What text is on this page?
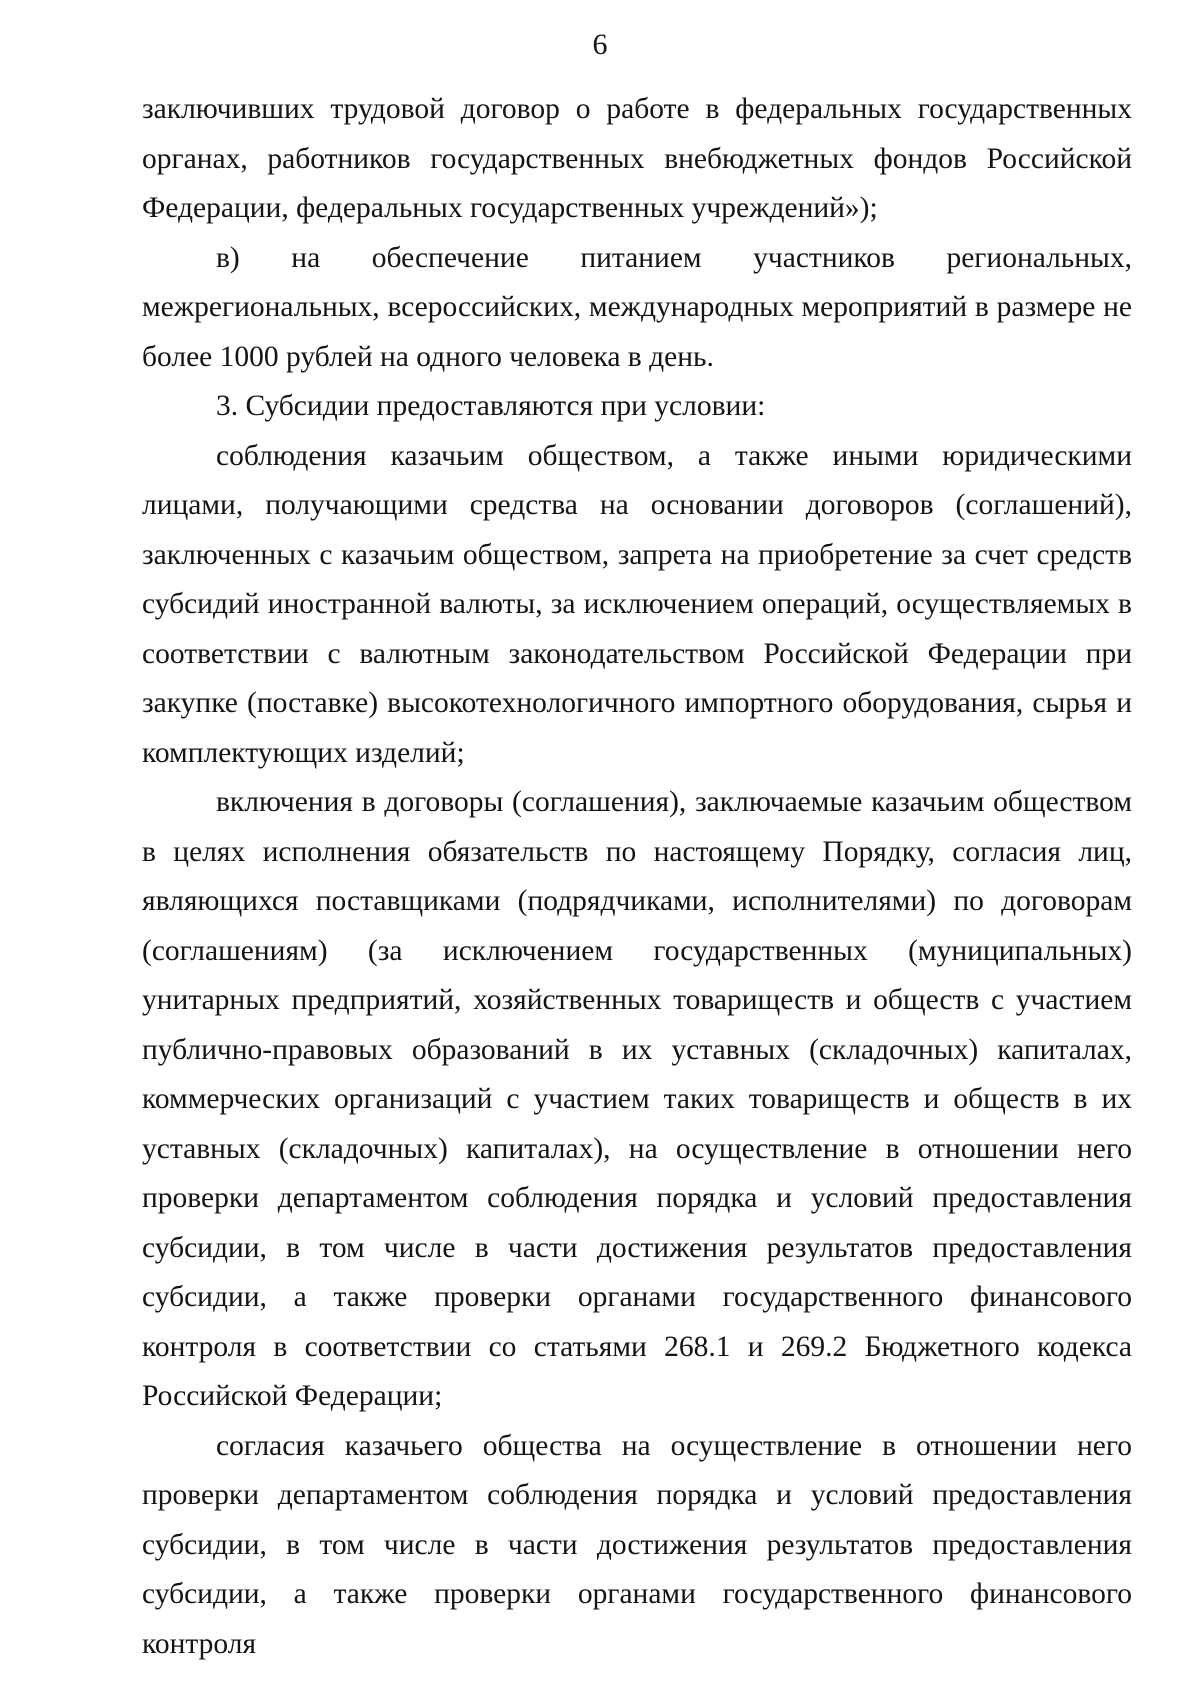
6

заключивших трудовой договор о работе в федеральных государственных органах, работников государственных внебюджетных фондов Российской Федерации, федеральных государственных учреждений»);

в) на обеспечение питанием участников региональных, межрегиональных, всероссийских, международных мероприятий в размере не более 1000 рублей на одного человека в день.

3. Субсидии предоставляются при условии:

соблюдения казачьим обществом, а также иными юридическими лицами, получающими средства на основании договоров (соглашений), заключенных с казачьим обществом, запрета на приобретение за счет средств субсидий иностранной валюты, за исключением операций, осуществляемых в соответствии с валютным законодательством Российской Федерации при закупке (поставке) высокотехнологичного импортного оборудования, сырья и комплектующих изделий;

включения в договоры (соглашения), заключаемые казачьим обществом в целях исполнения обязательств по настоящему Порядку, согласия лиц, являющихся поставщиками (подрядчиками, исполнителями) по договорам (соглашениям) (за исключением государственных (муниципальных) унитарных предприятий, хозяйственных товариществ и обществ с участием публично-правовых образований в их уставных (складочных) капиталах, коммерческих организаций с участием таких товариществ и обществ в их уставных (складочных) капиталах), на осуществление в отношении него проверки департаментом соблюдения порядка и условий предоставления субсидии, в том числе в части достижения результатов предоставления субсидии, а также проверки органами государственного финансового контроля в соответствии со статьями 268.1 и 269.2 Бюджетного кодекса Российской Федерации;

согласия казачьего общества на осуществление в отношении него проверки департаментом соблюдения порядка и условий предоставления субсидии, в том числе в части достижения результатов предоставления субсидии, а также проверки органами государственного финансового контроля
